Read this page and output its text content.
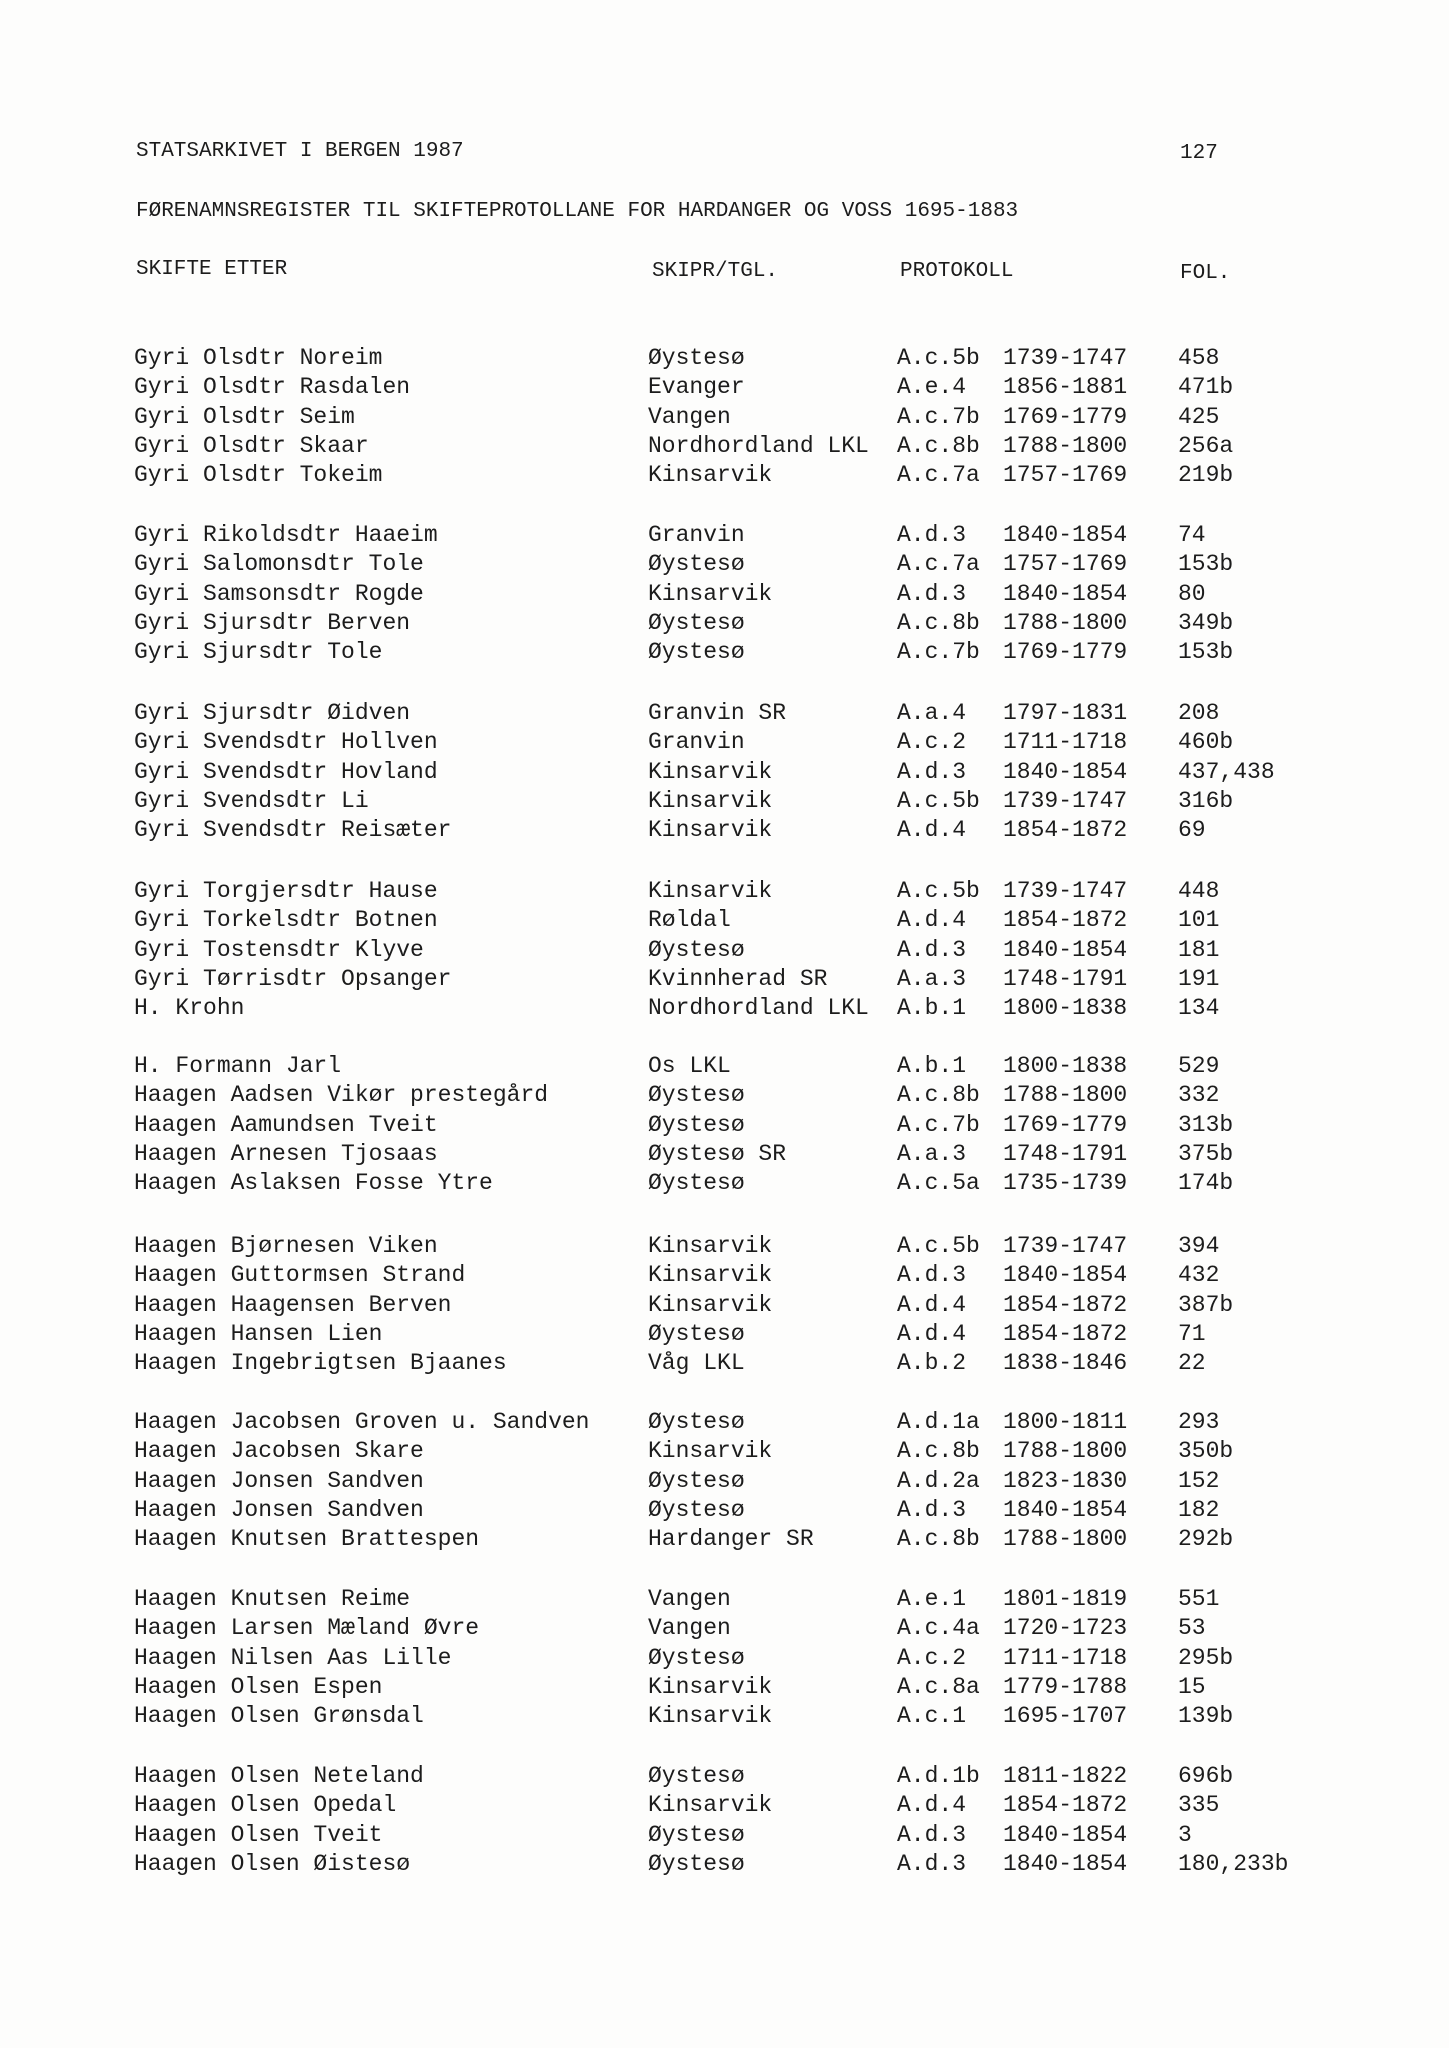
STATSARKIVET I BERGEN 1987	127
FØRENAMNSREGISTER TIL SKIFTEPROTOLLANE FOR HARDANGER OG VOSS 1695-1883
SKIFTE ETTER	SKIPR/TGL.	PROTOKOLL	FOL.
Gyri Olsdtr Noreim	Øystesø	A.c.5b 1739-1747 458
Gyri Olsdtr Rasdalen	Evanger	A.e.4 1856-1881 471b
Gyri Olsdtr Seim	Vangen	A.c.7b 1769-1779 425
Gyri Olsdtr Skaar	Nordhordland LKL A.c.8b 1788-1800 256a
Gyri Olsdtr Tokeim	Kinsarvik	A.c.7a 1757-1769 219b
Gyri Rikoldsdtr Haaeim	Granvin	A.d.3 1840-1854 74
Gyri Salomonsdtr Tole	Øystesø	A.c.7a 1757-1769 153b
Gyri Samsonsdtr Rogde	Kinsarvik	A.d.3 1840-1854 80
Gyri Sjursdtr Berven	Øystesø	A.c.8b 1788-1800 349b
Gyri Sjursdtr Tole	Øystesø	A.c.7b 1769-1779 153b
Gyri Sjursdtr Øidven	Granvin SR	A.a.4 1797-1831 208
Gyri Svendsdtr Hollven	Granvin	A.c.2 1711-1718 460b
Gyri Svendsdtr Hovland	Kinsarvik	A.d.3 1840-1854 437,438
Gyri Svendsdtr Li	Kinsarvik	A.c.5b 1739-1747 316b
Gyri Svendsdtr Reisæter	Kinsarvik	A.d.4 1854-1872 69
Gyri Torgjersdtr Hause	Kinsarvik	A.c.5b 1739-1747 448
Gyri Torkelsdtr Botnen	Røldal	A.d.4 1854-1872 101
Gyri Tostensdtr Klyve	Øystesø	A.d.3 1840-1854 181
Gyri Tørrisdtr Opsanger	Kvinnherad SR	A.a.3 1748-1791 191
H. Krohn	Nordhordland LKL A.b.1 1800-1838 134
H. Formann Jarl	Os LKL	A.b.1 1800-1838 529
Haagen Aadsen Vikør prestegård	Øystesø	A.c.8b 1788-1800 332
Haagen Aamundsen Tveit	Øystesø	A.c.7b 1769-1779 313b
Haagen Arnesen Tjosaas	Øystesø SR	A.a.3 1748-1791 375b
Haagen Aslaksen Fosse Ytre	Øystesø	A.c.5a 1735-1739 174b
Haagen Bjørnesen Viken	Kinsarvik	A.c.5b 1739-1747 394
Haagen Guttormsen Strand	Kinsarvik	A.d.3 1840-1854 432
Haagen Haagensen Berven	Kinsarvik	A.d.4 1854-1872 387b
Haagen Hansen Lien	Øystesø	A.d.4 1854-1872 71
Haagen Ingebrigtsen Bjaanes	Våg LKL	A.b.2 1838-1846 22
Haagen Jacobsen Groven u. Sandven	Øystesø	A.d.1a 1800-1811 293
Haagen Jacobsen Skare	Kinsarvik	A.c.8b 1788-1800 350b
Haagen Jonsen Sandven	Øystesø	A.d.2a 1823-1830 152
Haagen Jonsen Sandven	Øystesø	A.d.3 1840-1854 182
Haagen Knutsen Brattespen	Hardanger SR	A.c.8b 1788-1800 292b
Haagen Knutsen Reime	Vangen	A.e.1 1801-1819 551
Haagen Larsen Mæland Øvre	Vangen	A.c.4a 1720-1723 53
Haagen Nilsen Aas Lille	Øystesø	A.c.2 1711-1718 295b
Haagen Olsen Espen	Kinsarvik	A.c.8a 1779-1788 15
Haagen Olsen Grønsdal	Kinsarvik	A.c.1 1695-1707 139b
Haagen Olsen Neteland	Øystesø	A.d.1b 1811-1822 696b
Haagen Olsen Opedal	Kinsarvik	A.d.4 1854-1872 335
Haagen Olsen Tveit	Øystesø	A.d.3 1840-1854 3
Haagen Olsen Øistesø	Øystesø	A.d.3 1840-1854 180,233b
